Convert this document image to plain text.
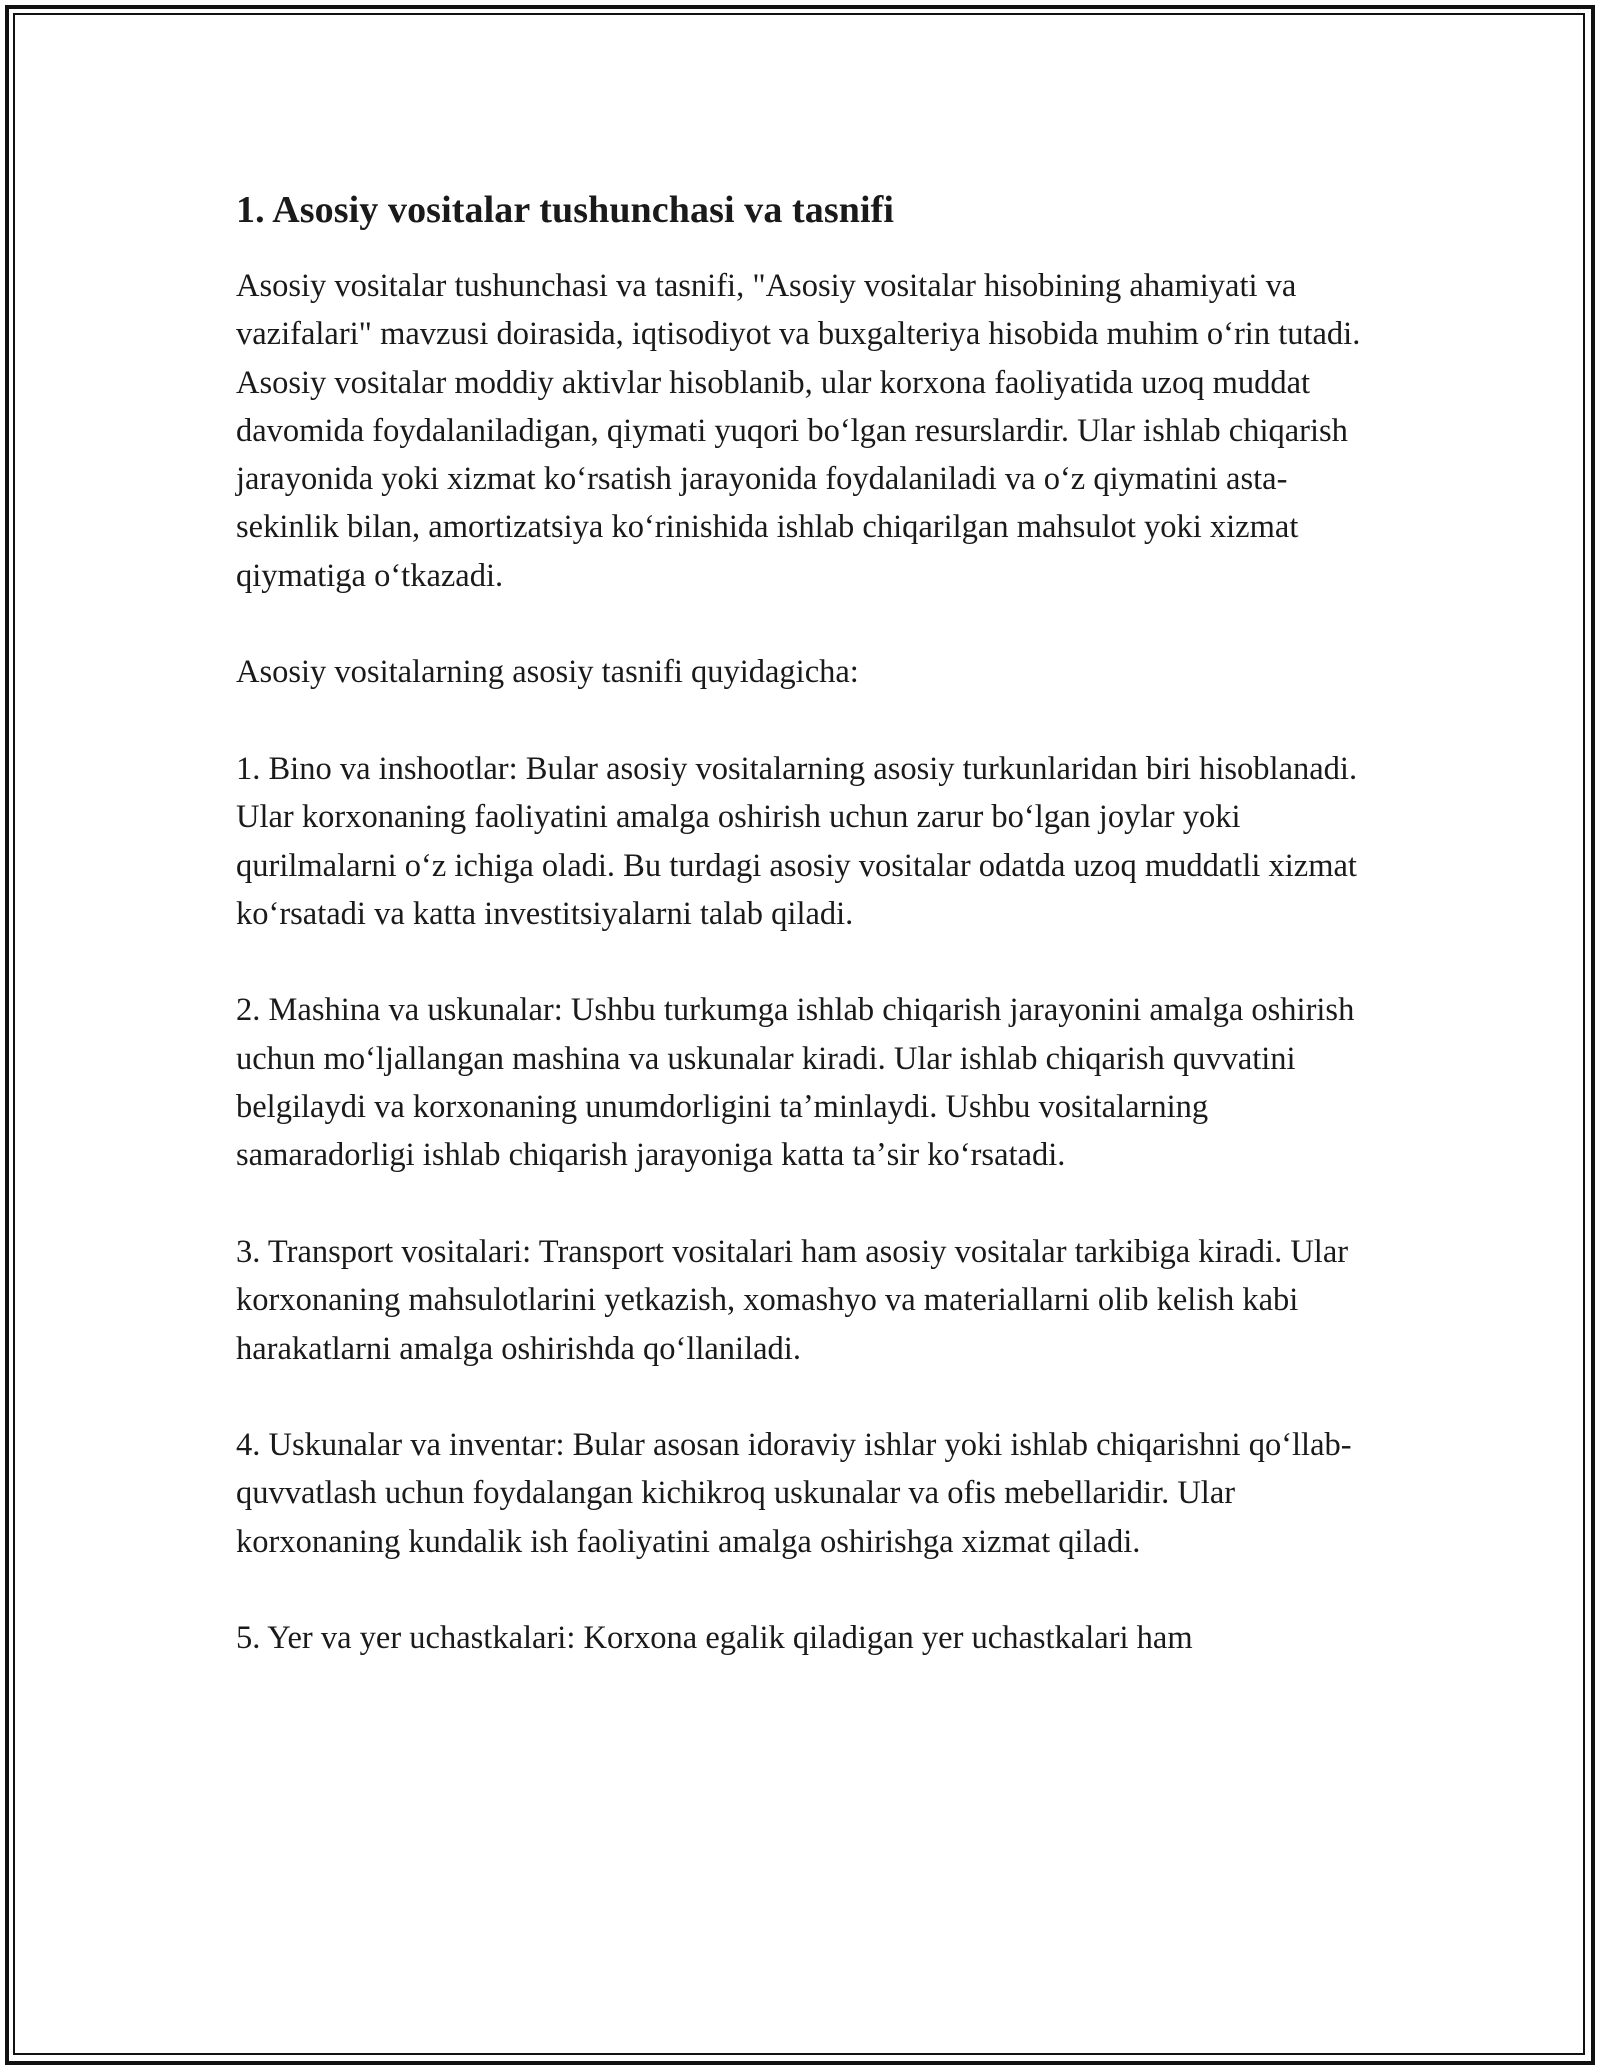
1. Asosiy vositalar tushunchasi va tasnifi

Asosiy vositalar tushunchasi va tasnifi, "Asosiy vositalar hisobining ahamiyati va vazifalari" mavzusi doirasida, iqtisodiyot va buxgalteriya hisobida muhim oʻrin tutadi. Asosiy vositalar moddiy aktivlar hisoblanib, ular korxona faoliyatida uzoq muddat davomida foydalaniladigan, qiymati yuqori boʻlgan resurslardir. Ular ishlab chiqarish jarayonida yoki xizmat koʻrsatish jarayonida foydalaniladi va oʻz qiymatini asta-sekinlik bilan, amortizatsiya koʻrinishida ishlab chiqarilgan mahsulot yoki xizmat qiymatiga oʻtkazadi.

Asosiy vositalarning asosiy tasnifi quyidagicha:

1. Bino va inshootlar: Bular asosiy vositalarning asosiy turkunlaridan biri hisoblanadi. Ular korxonaning faoliyatini amalga oshirish uchun zarur boʻlgan joylar yoki qurilmalarni oʻz ichiga oladi. Bu turdagi asosiy vositalar odatda uzoq muddatli xizmat koʻrsatadi va katta investitsiyalarni talab qiladi.

2. Mashina va uskunalar: Ushbu turkumga ishlab chiqarish jarayonini amalga oshirish uchun moʻljallangan mashina va uskunalar kiradi. Ular ishlab chiqarish quvvatini belgilaydi va korxonaning unumdorligini taʼminlaydi. Ushbu vositalarning samaradorligi ishlab chiqarish jarayoniga katta taʼsir koʻrsatadi.

3. Transport vositalari: Transport vositalari ham asosiy vositalar tarkibiga kiradi. Ular korxonaning mahsulotlarini yetkazish, xomashyo va materiallarni olib kelish kabi harakatlarni amalga oshirishda qoʻllaniladi.

4. Uskunalar va inventar: Bular asosan idoraviy ishlar yoki ishlab chiqarishni qoʻllab-quvvatlash uchun foydalangan kichikroq uskunalar va ofis mebellaridir. Ular korxonaning kundalik ish faoliyatini amalga oshirishga xizmat qiladi.

5. Yer va yer uchastkalari: Korxona egalik qiladigan yer uchastkalari ham
